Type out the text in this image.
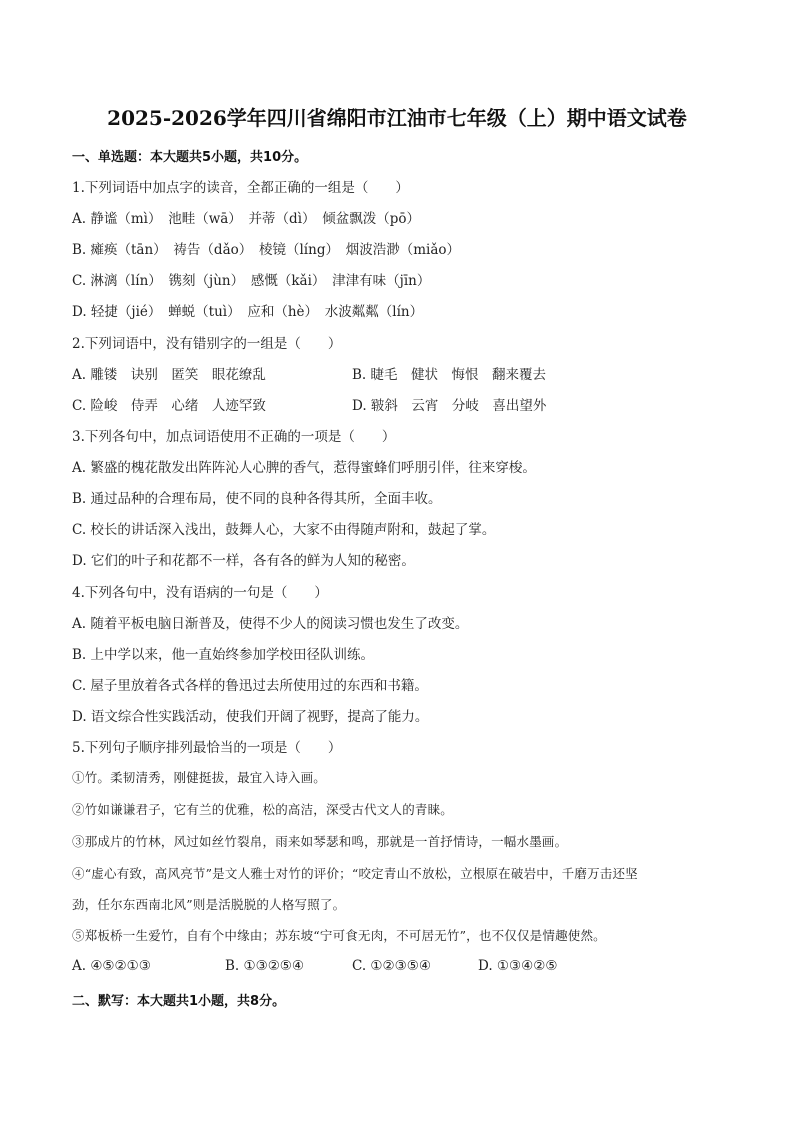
2025-2026学年四川省绵阳市江油市七年级（上）期中语文试卷
一、单选题：本大题共5小题，共10分。
1.下列词语中加点字的读音，全都正确的一组是（　　）
A. 静谧（mì）　池畦（wā）　并蒂（dì）　倾盆飘泼（pō）
B. 瘫痪（tān）　祷告（dǎo）　棱镜（líng）　烟波浩渺（miǎo）
C. 淋漓（lín）　镌刻（jùn）　感慨（kǎi）　津津有味（jīn）
D. 轻捷（jié）　蝉蜕（tuì）　应和（hè）　水波粼粼（lín）
2.下列词语中，没有错别字的一组是（　　）
A. 雕镂　诀别　匿笑　眼花缭乱	B. 睫毛　健状　悔恨　翻来覆去
C. 险峻　侍弄　心绪　人迹罕致	D. 皲斜　云宵　分岐　喜出望外
3.下列各句中，加点词语使用不正确的一项是（　　）
A. 繁盛的槐花散发出阵阵沁人心脾的香气，惹得蜜蜂们呼朋引伴，往来穿梭。
B. 通过品种的合理布局，使不同的良种各得其所，全面丰收。
C. 校长的讲话深入浅出，鼓舞人心，大家不由得随声附和，鼓起了掌。
D. 它们的叶子和花都不一样，各有各的鲜为人知的秘密。
4.下列各句中，没有语病的一句是（　　）
A. 随着平板电脑日渐普及，使得不少人的阅读习惯也发生了改变。
B. 上中学以来，他一直始终参加学校田径队训练。
C. 屋子里放着各式各样的鲁迅过去所使用过的东西和书籍。
D. 语文综合性实践活动，使我们开阔了视野，提高了能力。
5.下列句子顺序排列最恰当的一项是（　　）
①竹。柔韧清秀，刚健挺拔，最宜入诗入画。
②竹如谦谦君子，它有兰的优雅，松的高洁，深受古代文人的青睐。
③那成片的竹林，风过如丝竹裂帛，雨来如琴瑟和鸣，那就是一首抒情诗，一幅水墨画。
④“虚心有致，高风亮节”是文人雅士对竹的评价；“咬定青山不放松，立根原在破岩中，千磨万击还坚
劲，任尔东西南北风”则是活脱脱的人格写照了。
⑤郑板桥一生爱竹，自有个中缘由；苏东坡“宁可食无肉，不可居无竹”，也不仅仅是情趣使然。
A. ④⑤②①③	B. ①③②⑤④	C. ①②③⑤④	D. ①③④②⑤
二、默写：本大题共1小题，共8分。
